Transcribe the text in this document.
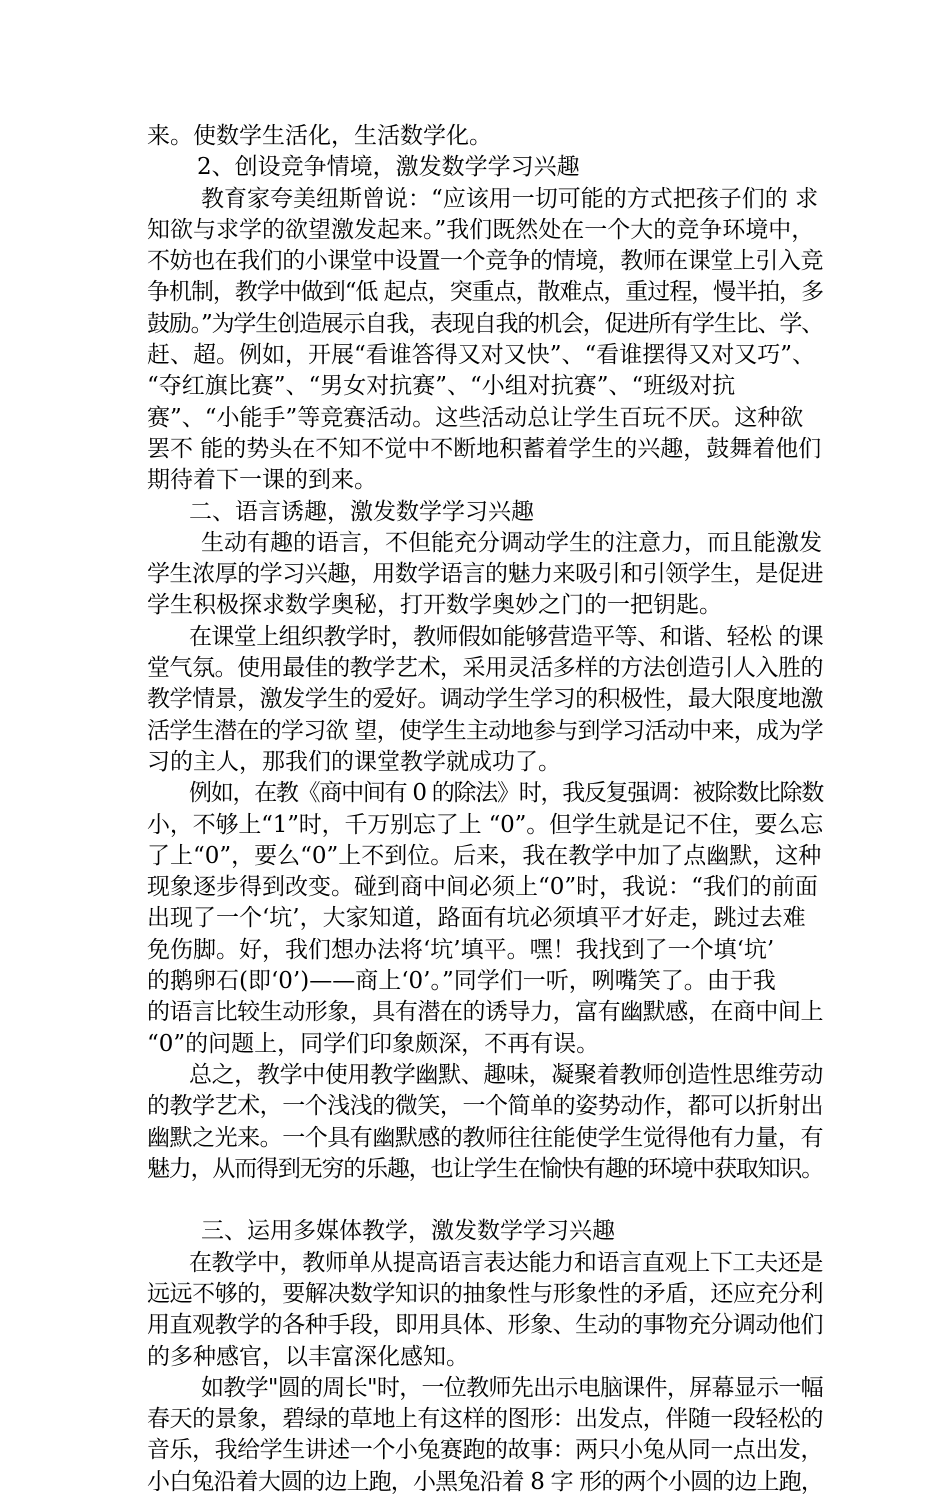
来。使数学生活化，生活数学化。
2、创设竞争情境，激发数学学习兴趣
教育家夸美纽斯曾说：“应该用一切可能的方式把孩子们的 求
知欲与求学的欲望激发起来。”我们既然处在一个大的竞争环境中，
不妨也在我们的小课堂中设置一个竞争的情境，教师在课堂上引入竞
争机制，教学中做到“低 起点，突重点，散难点，重过程，慢半拍，多
鼓励。”为学生创造展示自我，表现自我的机会，促进所有学生比、学、
赶、超。例如，开展“看谁答得又对又快”、“看谁摆得又对又巧”、
“夺红旗比赛”、“男女对抗赛”、“小组对抗赛”、“班级对抗
赛”、“小能手”等竞赛活动。这些活动总让学生百玩不厌。这种欲
罢不 能的势头在不知不觉中不断地积蓄着学生的兴趣，鼓舞着他们
期待着下一课的到来。
二、语言诱趣，激发数学学习兴趣
生动有趣的语言，不但能充分调动学生的注意力，而且能激发
学生浓厚的学习兴趣，用数学语言的魅力来吸引和引领学生，是促进
学生积极探求数学奥秘，打开数学奥妙之门的一把钥匙。
在课堂上组织教学时，教师假如能够营造平等、和谐、轻松 的课
堂气氛。使用最佳的教学艺术，采用灵活多样的方法创造引人入胜的
教学情景，激发学生的爱好。调动学生学习的积极性，最大限度地激
活学生潜在的学习欲 望，使学生主动地参与到学习活动中来，成为学
习的主人，那我们的课堂教学就成功了。
例如，在教《商中间有 0 的除法》时，我反复强调：被除数比除数
小，不够上“1”时，千万别忘了上 “0”。但学生就是记不住，要么忘
了上“0”，要么“0”上不到位。后来，我在教学中加了点幽默，这种
现象逐步得到改变。碰到商中间必须上“0”时，我说：“我们的前面
出现了一个‘坑’，大家知道，路面有坑必须填平才好走，跳过去难
免伤脚。好，我们想办法将‘坑’填平。嘿！我找到了一个填‘坑’
的鹅卵石(即‘0’)——商上‘0’。”同学们一听，咧嘴笑了。由于我
的语言比较生动形象，具有潜在的诱导力，富有幽默感，在商中间上
“0”的问题上，同学们印象颇深，不再有误。
总之，教学中使用教学幽默、趣味，凝聚着教师创造性思维劳动
的教学艺术，一个浅浅的微笑，一个简单的姿势动作，都可以折射出
幽默之光来。一个具有幽默感的教师往往能使学生觉得他有力量，有
魅力，从而得到无穷的乐趣，也让学生在愉快有趣的环境中获取知识。
三、运用多媒体教学，激发数学学习兴趣
在教学中，教师单从提高语言表达能力和语言直观上下工夫还是
远远不够的，要解决数学知识的抽象性与形象性的矛盾，还应充分利
用直观教学的各种手段，即用具体、形象、生动的事物充分调动他们
的多种感官，以丰富深化感知。
如教学"圆的周长"时，一位教师先出示电脑课件，屏幕显示一幅
春天的景象，碧绿的草地上有这样的图形：出发点，伴随一段轻松的
音乐，我给学生讲述一个小兔赛跑的故事：两只小兔从同一点出发，
小白兔沿着大圆的边上跑，小黑兔沿着 8 字 形的两个小圆的边上跑，
